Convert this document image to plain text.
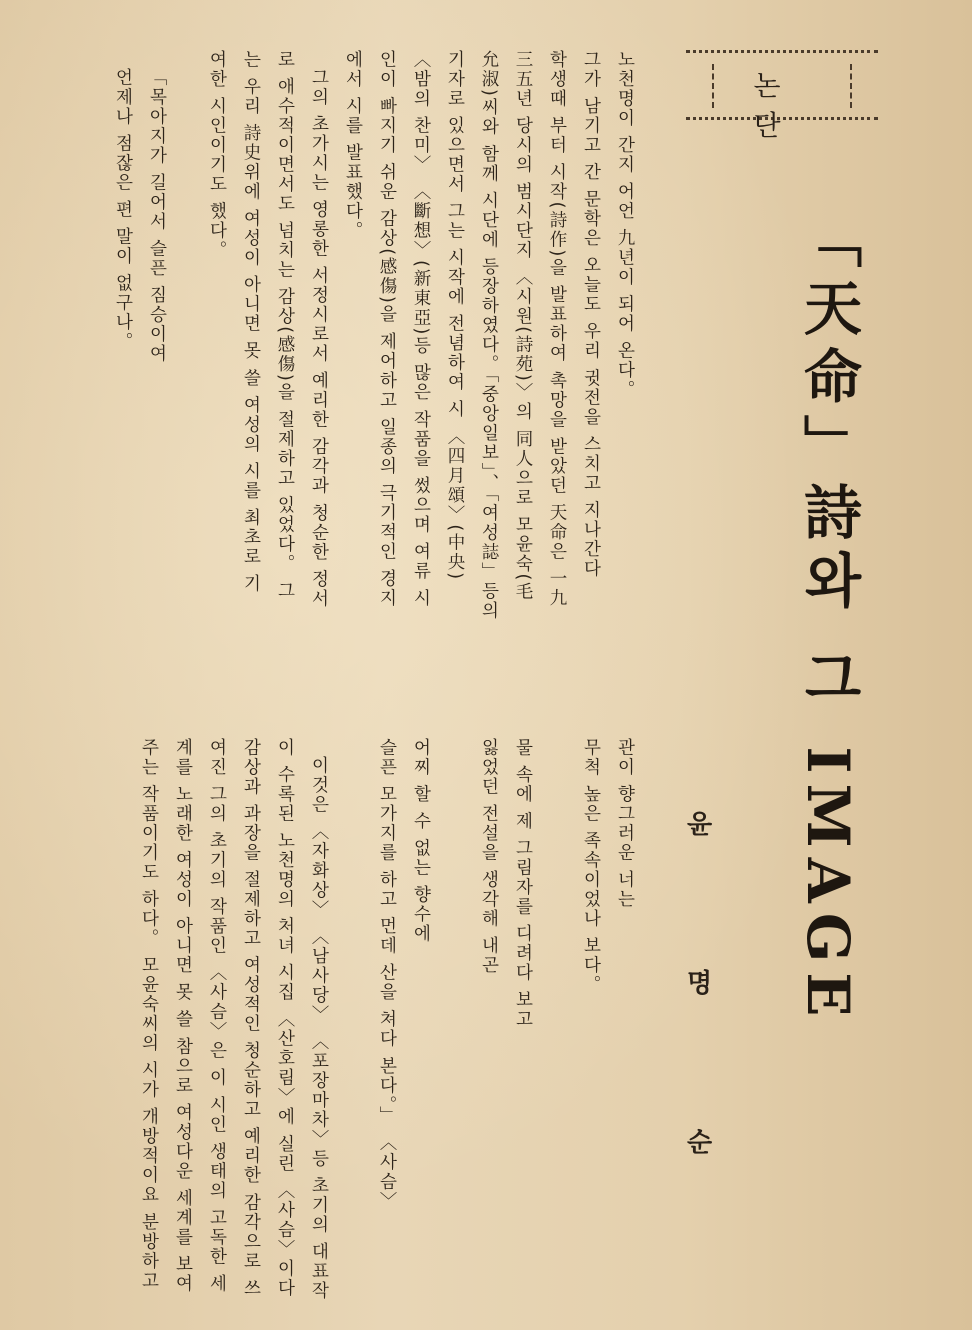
논단
「天命」詩와 그 IMAGE
윤 명 순
노천명이 간지 어언 九년이 되어 온다。
그가 남기고 간 문학은 오늘도 우리 귓전을 스치고 지나간다
학생때 부터 시작(詩作)을 발표하여 촉망을 받았던 天命은 一九
三五년 당시의 범시단지 〈시원(詩苑)〉의 同人으로 모윤숙(毛
允淑)씨와 함께 시단에 등장하였다。「중앙일보」、「여성誌」등의
기자로 있으면서 그는 시작에 전념하여 시 〈四月頌〉(中央)
〈밤의 찬미〉 〈斷想〉(新東亞)등 많은 작품을 썼으며 여류 시
인이 빠지기 쉬운 감상(感傷)을 제어하고 일종의 극기적인 경지
에서 시를 발표했다。
그의 초가시는 영롱한 서정시로서 예리한 감각과 청순한 정서
로 애수적이면서도 넘치는 감상(感傷)을 절제하고 있었다。 그
는 우리 詩史위에 여성이 아니면 못 쓸 여성의 시를 최초로 기
여한 시인이기도 했다。
「목아지가 길어서 슬픈 짐승이여
언제나 점잖은 편 말이 없구나。
관이 향그러운 너는
무척 높은 족속이었나 보다。
물 속에 제 그림자를 디려다 보고
잃었던 전설을 생각해 내곤
어찌 할 수 없는 향수에
슬픈 모가지를 하고 먼데 산을 쳐다 본다。」 〈사슴〉
이것은 〈자화상〉 〈남사당〉 〈포장마차〉등 초기의 대표작
이 수록된 노천명의 처녀 시집 〈산호림〉에 실린 〈사슴〉이다
감상과 과장을 절제하고 여성적인 청순하고 예리한 감각으로 쓰
여진 그의 초기의 작품인 〈사슴〉은 이 시인 생태의 고독한 세
계를 노래한 여성이 아니면 못 쓸 참으로 여성다운 세계를 보여
주는 작품이기도 하다。 모윤숙씨의 시가 개방적이요 분방하고
